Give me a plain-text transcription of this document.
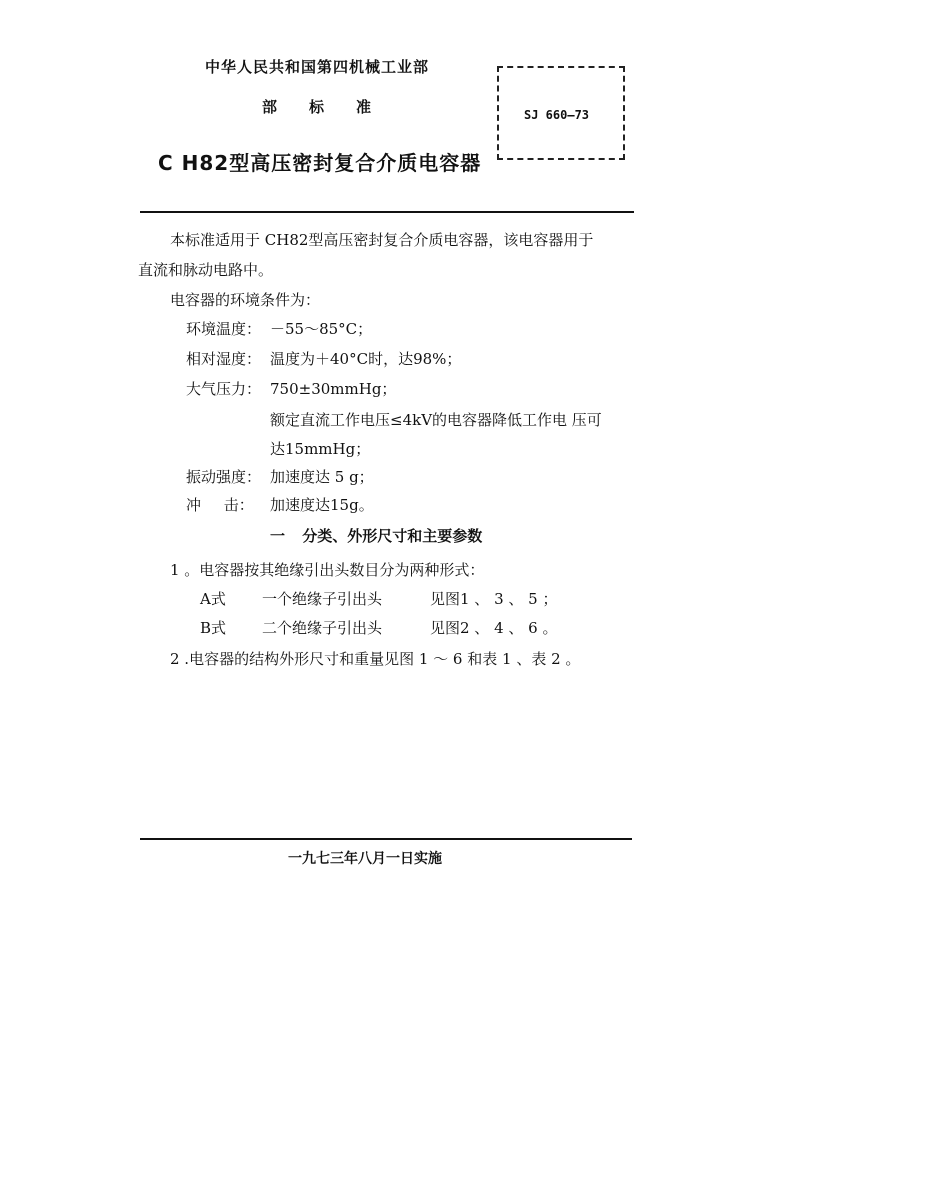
中华人民共和国第四机械工业部
部 标 准
C H82型高压密封复合介质电容器
SJ 660—73
本标准适用于 CH82型高压密封复合介质电容器，该电容器用于
直流和脉动电路中。
电容器的环境条件为：
环境温度： －55～85°C；
相对湿度： 温度为＋40°C时，达98%；
大气压力： 750±30mmHg；
额定直流工作电压≤4kV的电容器降低工作电 压可
达15mmHg；
振动强度： 加速度达 5 g；
冲 击： 加速度达15g。
一 分类、外形尺寸和主要参数
1 。电容器按其绝缘引出头数目分为两种形式：
A式 一个绝缘子引出头	见图1 、 3 、 5 ；
B式 二个绝缘子引出头	见图2 、 4 、 6 。
2 .电容器的结构外形尺寸和重量见图 1 ～ 6 和表 1 、表 2 。
一九七三年八月一日实施
